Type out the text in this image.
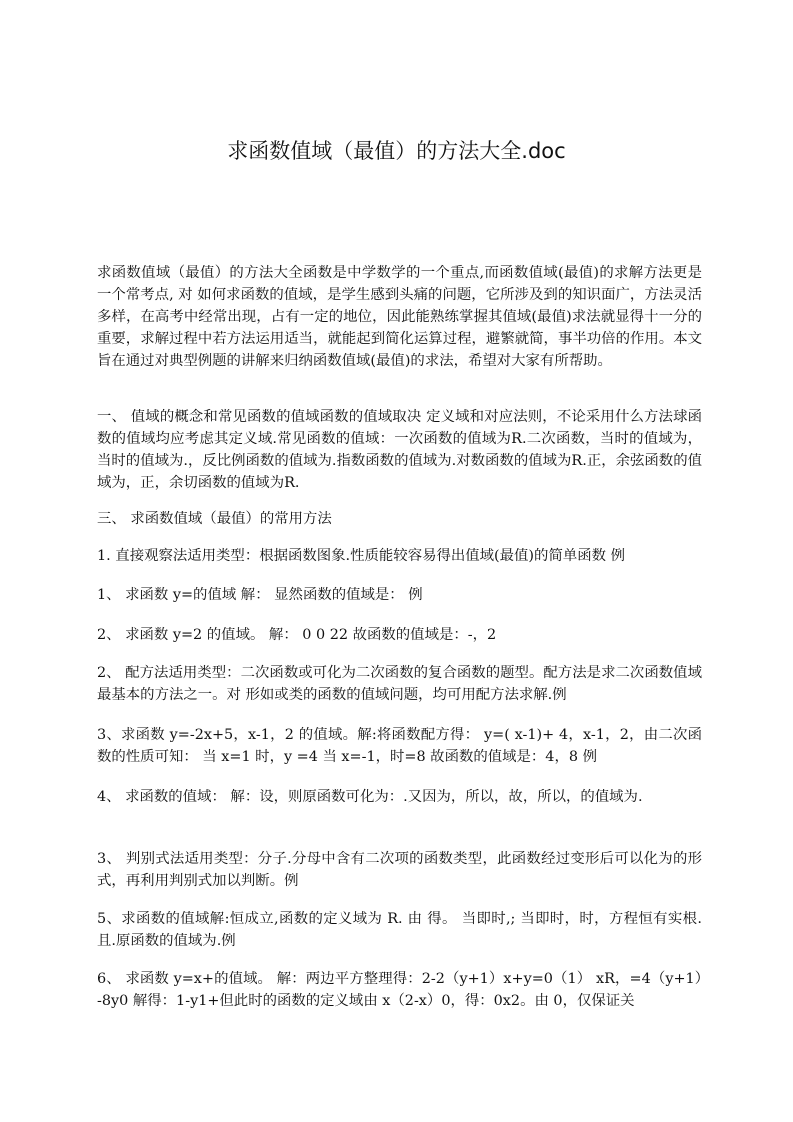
求函数值域（最值）的方法大全.doc

求函数值域（最值）的方法大全函数是中学数学的一个重点,而函数值域(最值)的求解方法更是一个常考点, 对 如何求函数的值域，是学生感到头痛的问题，它所涉及到的知识面广，方法灵活多样，在高考中经常出现，占有一定的地位，因此能熟练掌握其值域(最值)求法就显得十一分的重要，求解过程中若方法运用适当，就能起到简化运算过程，避繁就简，事半功倍的作用。本文旨在通过对典型例题的讲解来归纳函数值域(最值)的求法，希望对大家有所帮助。

一、 值域的概念和常见函数的值域函数的值域取决 定义域和对应法则，不论采用什么方法球函数的值域均应考虑其定义域.常见函数的值域：一次函数的值域为R.二次函数，当时的值域为，当时的值域为.，反比例函数的值域为.指数函数的值域为.对数函数的值域为R.正，余弦函数的值域为，正，余切函数的值域为R.

三、 求函数值域（最值）的常用方法

1. 直接观察法适用类型：根据函数图象.性质能较容易得出值域(最值)的简单函数 例

1、 求函数 y=的值域 解： 显然函数的值域是： 例

2、 求函数 y=2 的值域。 解： 0 0 22 故函数的值域是：-，2

2、 配方法适用类型：二次函数或可化为二次函数的复合函数的题型。配方法是求二次函数值域最基本的方法之一。对 形如或类的函数的值域问题，均可用配方法求解.例

3、求函数 y=-2x+5，x-1，2 的值域。解:将函数配方得： y=( x-1)+ 4，x-1，2，由二次函数的性质可知： 当 x=1 时，y =4 当 x=-1，时=8 故函数的值域是：4，8 例

4、 求函数的值域： 解：设，则原函数可化为：.又因为，所以，故，所以，的值域为.

3、 判别式法适用类型：分子.分母中含有二次项的函数类型，此函数经过变形后可以化为的形式，再利用判别式加以判断。例

5、求函数的值域解:恒成立,函数的定义域为 R. 由 得。 当即时,; 当即时，时，方程恒有实根. 且.原函数的值域为.例

6、 求函数 y=x+的值域。 解：两边平方整理得：2-2（y+1）x+y=0（1） xR，=4（y+1）-8y0 解得：1-y1+但此时的函数的定义域由 x（2-x）0，得：0x2。由 0，仅保证关
